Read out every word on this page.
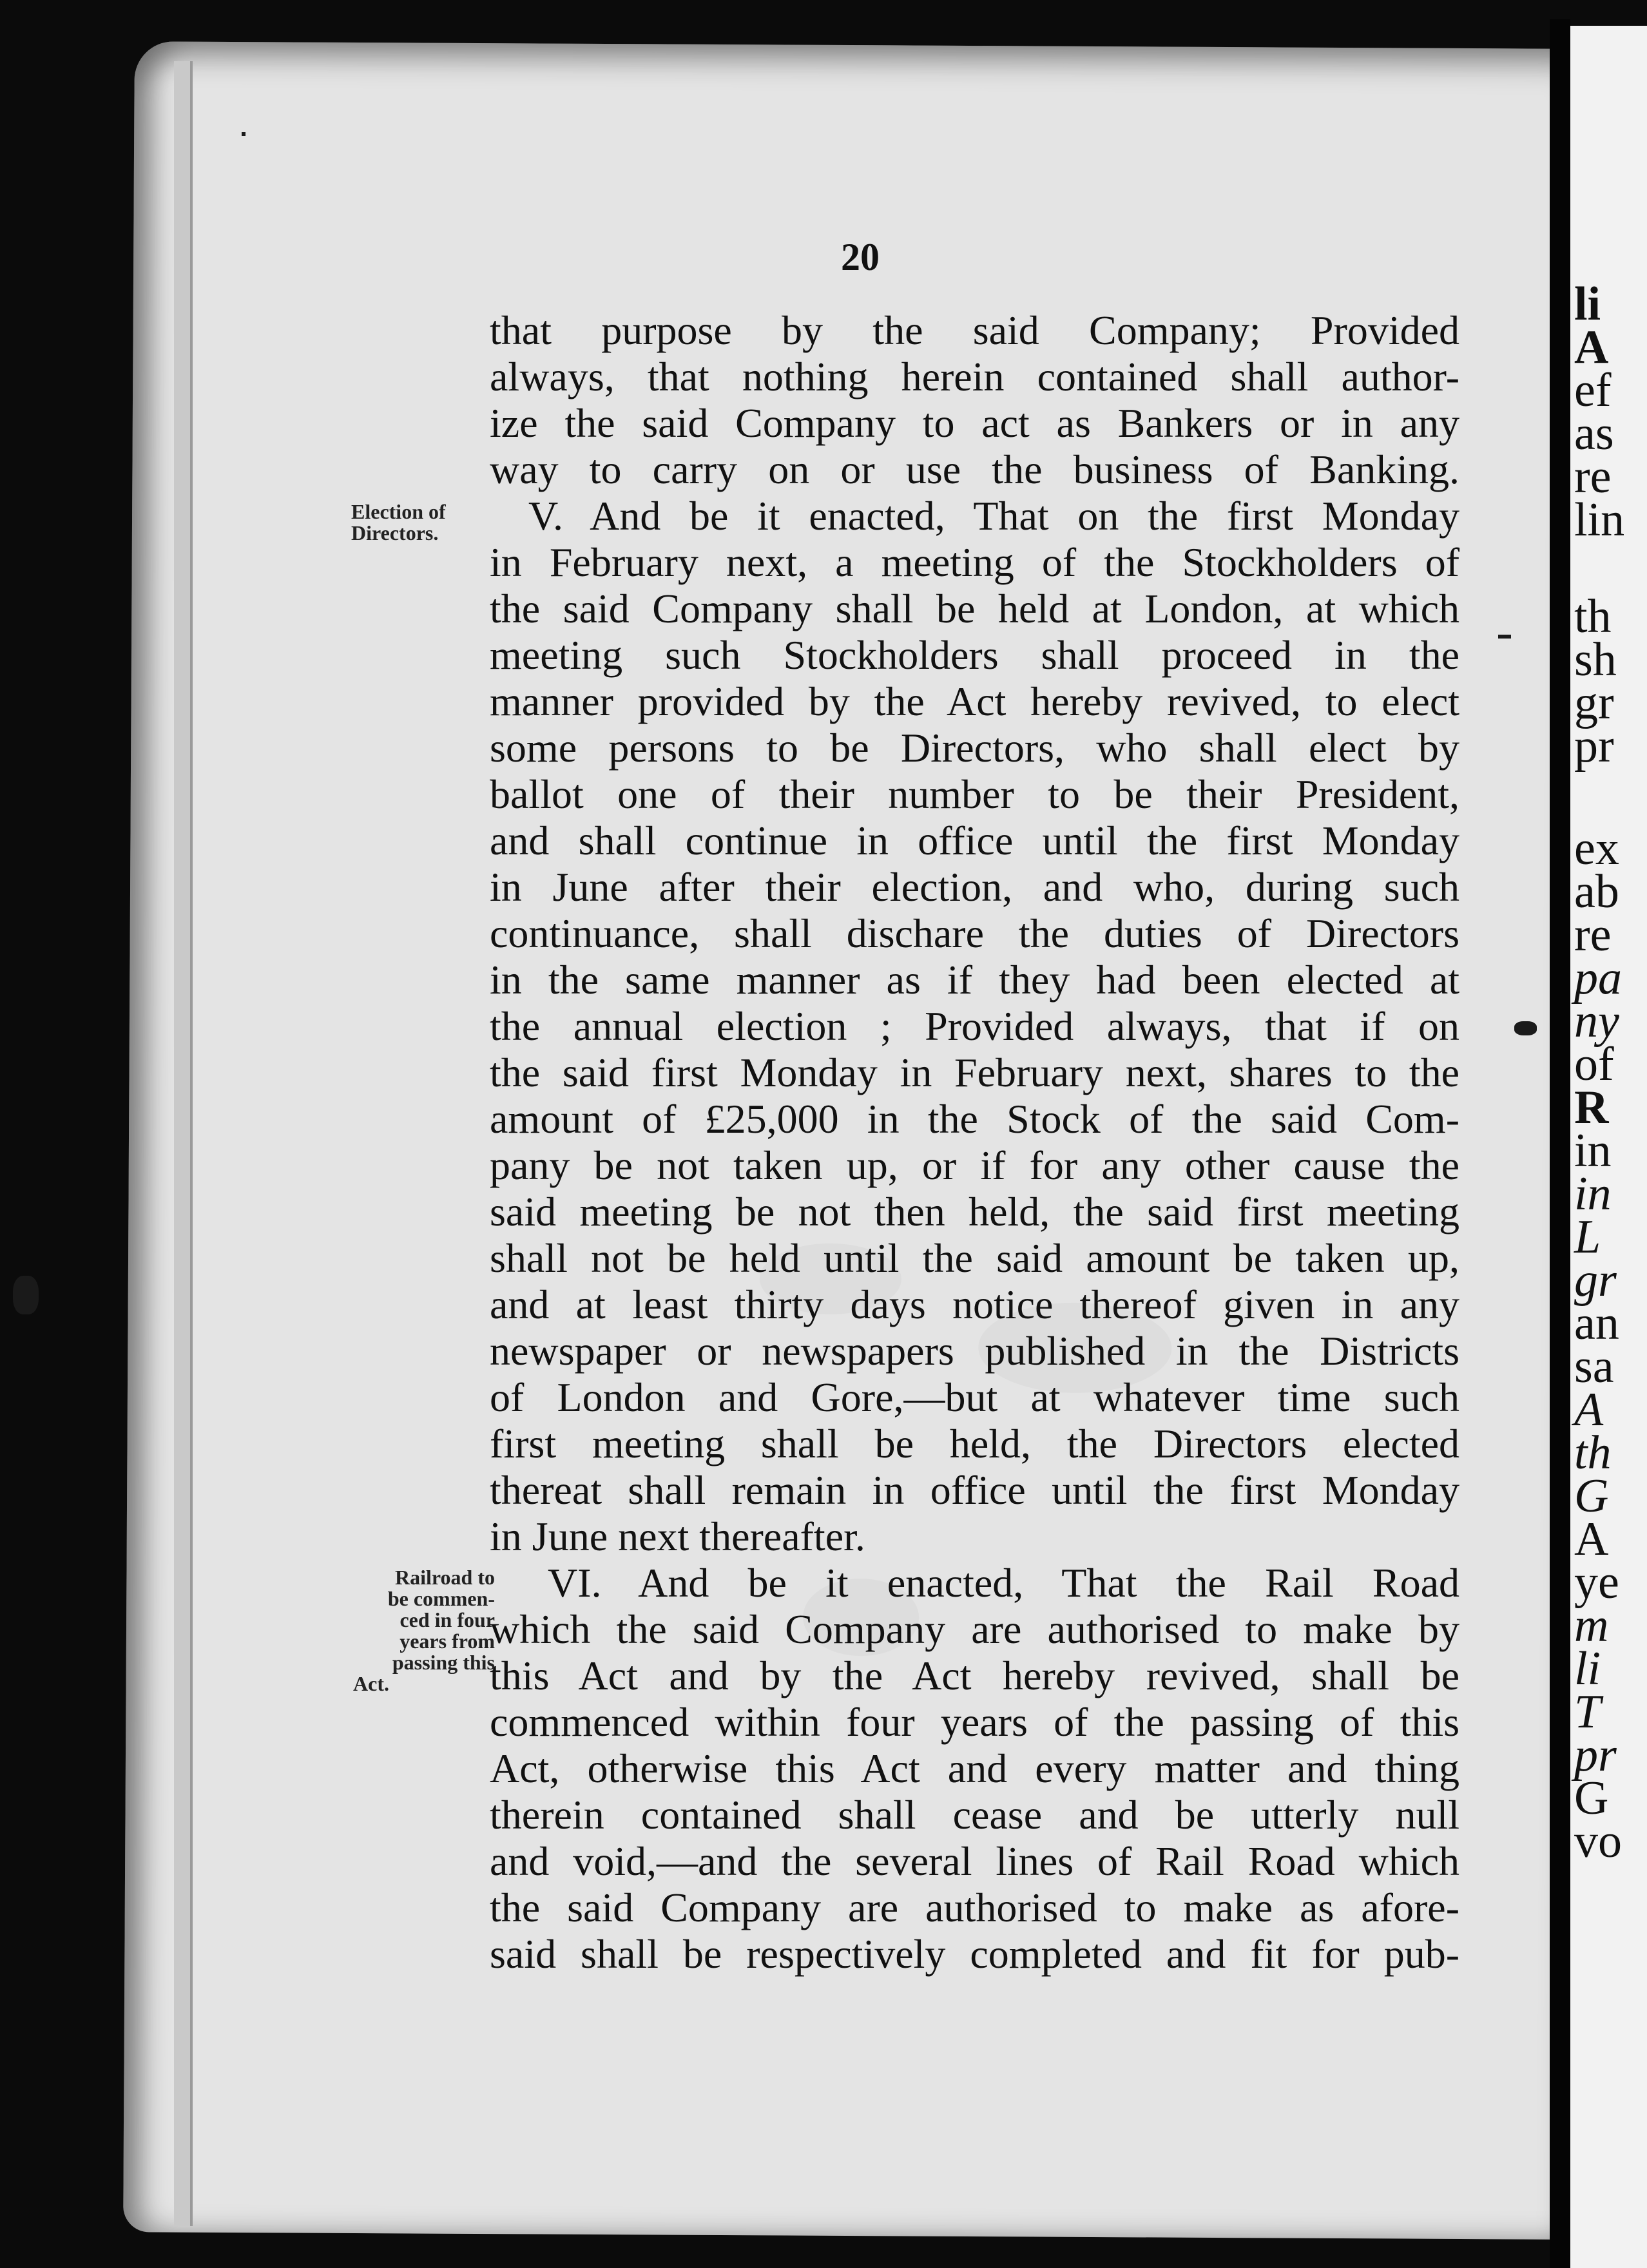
20
that purpose by the said Company; Provided
always, that nothing herein contained shall author-
ize the said Company to act as Bankers or in any
way to carry on or use the business of Banking.
V. And be it enacted, That on the first Monday
in February next, a meeting of the Stockholders of
the said Company shall be held at London, at which
meeting such Stockholders shall proceed in the
manner provided by the Act hereby revived, to elect
some persons to be Directors, who shall elect by
ballot one of their number to be their President,
and shall continue in office until the first Monday
in June after their election, and who, during such
continuance, shall dischare the duties of Directors
in the same manner as if they had been elected at
the annual election ; Provided always, that if on
the said first Monday in February next, shares to the
amount of £25,000 in the Stock of the said Com-
pany be not taken up, or if for any other cause the
said meeting be not then held, the said first meeting
shall not be held until the said amount be taken up,
and at least thirty days notice thereof given in any
newspaper or newspapers published in the Districts
of London and Gore,—but at whatever time such
first meeting shall be held, the Directors elected
thereat shall remain in office until the first Monday
in June next thereafter.
VI. And be it enacted, That the Rail Road
which the said Company are authorised to make by
this Act and by the Act hereby revived, shall be
commenced within four years of the passing of this
Act, otherwise this Act and every matter and thing
therein contained shall cease and be utterly null
and void,—and the several lines of Rail Road which
the said Company are authorised to make as afore-
said shall be respectively completed and fit for pub-
Election of
Directors.
Railroad to
be commen-
ced in four
years from
passing this
Act.
li
A
ef
as
re
lin
th
sh
gr
pr
ex
ab
re
pa
ny
of
R
in
in
L
gr
an
sa
A
th
G
A
ye
m
li
T
pr
G
vo
